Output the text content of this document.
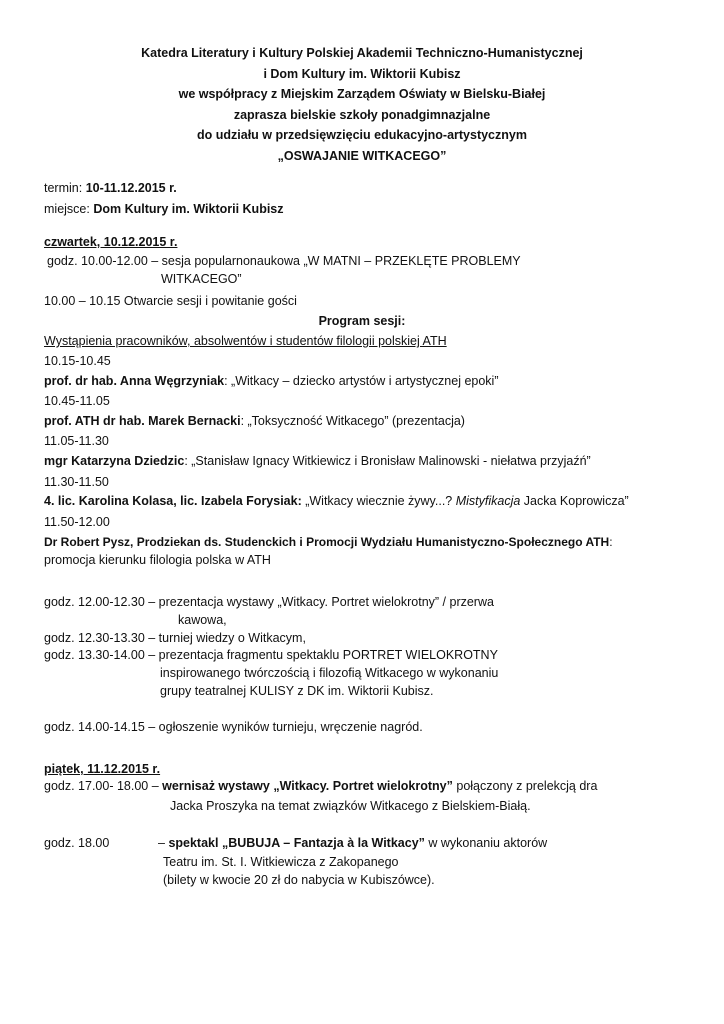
Katedra Literatury i Kultury Polskiej Akademii Techniczno-Humanistycznej
i Dom Kultury im. Wiktorii Kubisz
we współpracy z Miejskim Zarządem Oświaty w Bielsku-Białej
zaprasza bielskie szkoły ponadgimnazjalne
do udziału w przedsięwzięciu edukacyjno-artystycznym
„OSWAJANIE WITKACEGO”
termin: 10-11.12.2015 r.
miejsce: Dom Kultury im. Wiktorii Kubisz
czwartek, 10.12.2015 r.
godz. 10.00-12.00 – sesja popularnonaukowa „W MATNI – PRZEKLĘTE PROBLEMY
WITKACEGO”
10.00 – 10.15 Otwarcie sesji i powitanie gości
Program sesji:
Wystąpienia pracowników, absolwentów i studentów filologii polskiej ATH
10.15-10.45
prof. dr hab. Anna Węgrzyniak: „Witkacy – dziecko artystów i artystycznej epoki”
10.45-11.05
prof. ATH dr hab. Marek Bernacki: „Toksyczność Witkacego” (prezentacja)
11.05-11.30
mgr Katarzyna Dziedzic: „Stanisław Ignacy Witkiewicz i Bronisław Malinowski - niełatwa przyjaźń”
11.30-11.50
4. lic. Karolina Kolasa, lic. Izabela Forysiak: „Witkacy wiecznie żywy...? Mistyfikacja Jacka Koprowicza”
11.50-12.00
Dr Robert Pysz, Prodziekan ds. Studenckich i Promocji Wydziału Humanistyczno-Społecznego ATH:
promocja kierunku filologia polska w ATH
godz. 12.00-12.30 – prezentacja wystawy „Witkacy. Portret wielokrotny” / przerwa
kawowa,
godz. 12.30-13.30 – turniej wiedzy o Witkacym,
godz. 13.30-14.00 – prezentacja fragmentu spektaklu PORTRET WIELOKROTNY
inspirowanego twórczością i filozofią Witkacego w wykonaniu
grupy teatralnej KULISY z DK im. Wiktorii Kubisz.
godz. 14.00-14.15 – ogłoszenie wyników turnieju, wręczenie nagród.
piątek, 11.12.2015 r.
godz. 17.00- 18.00 – wernisaż wystawy „Witkacy. Portret wielokrotny” połączony z prelekcją dra
Jacka Proszyka na temat związków Witkacego z Bielskiem-Białą.
godz. 18.00	– spektakl „BUBUJA – Fantazja à la Witkacy” w wykonaniu aktorów
Teatru im. St. I. Witkiewicza z Zakopanego
(bilety w kwocie 20 zł do nabycia w Kubiszówce).
